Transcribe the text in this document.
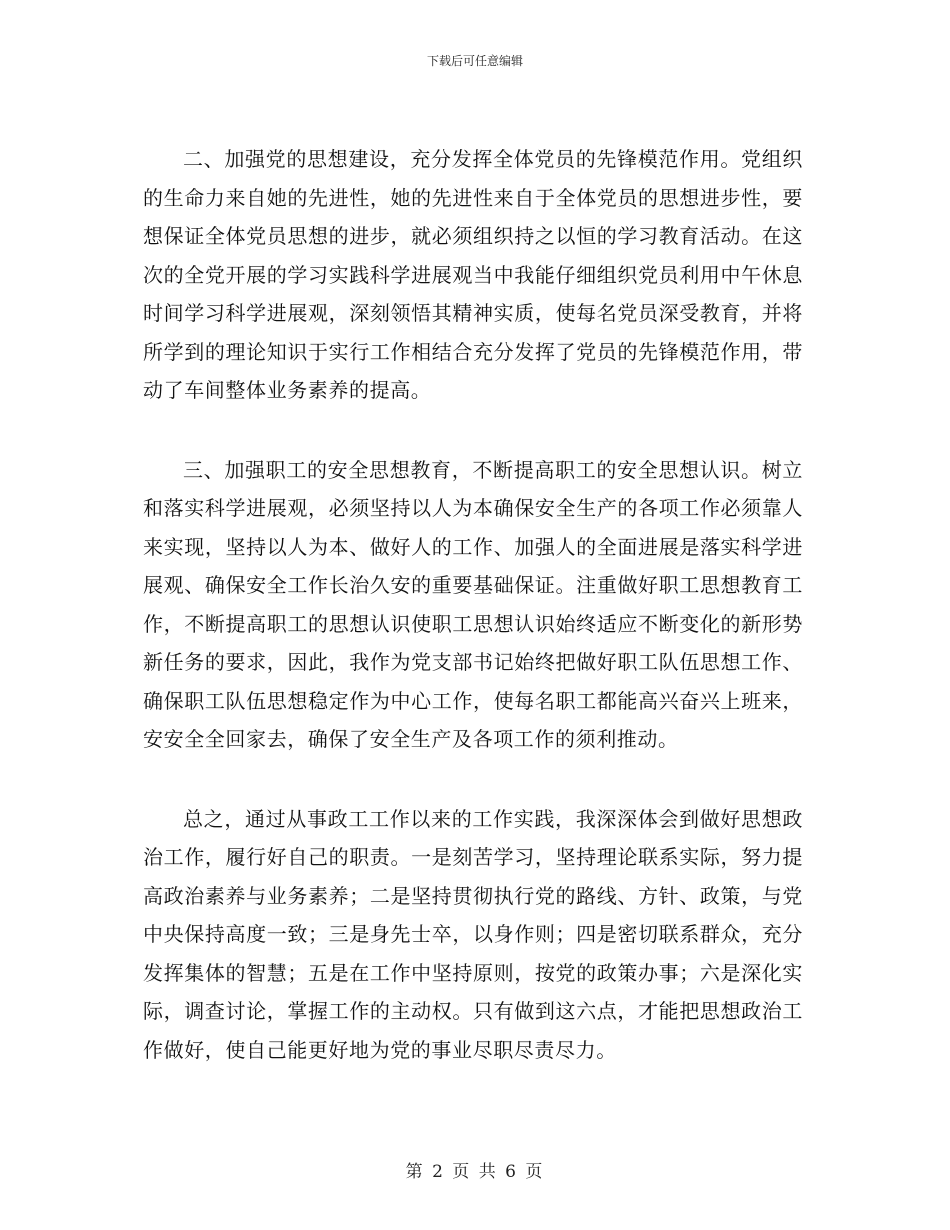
下载后可任意编辑

二、加强党的思想建设，充分发挥全体党员的先锋模范作用。党组织的生命力来自她的先进性，她的先进性来自于全体党员的思想进步性，要想保证全体党员思想的进步，就必须组织持之以恒的学习教育活动。在这次的全党开展的学习实践科学进展观当中我能仔细组织党员利用中午休息时间学习科学进展观，深刻领悟其精神实质，使每名党员深受教育，并将所学到的理论知识于实行工作相结合充分发挥了党员的先锋模范作用，带动了车间整体业务素养的提高。

三、加强职工的安全思想教育，不断提高职工的安全思想认识。树立和落实科学进展观，必须坚持以人为本确保安全生产的各项工作必须靠人来实现，坚持以人为本、做好人的工作、加强人的全面进展是落实科学进展观、确保安全工作长治久安的重要基础保证。注重做好职工思想教育工作，不断提高职工的思想认识使职工思想认识始终适应不断变化的新形势新任务的要求，因此，我作为党支部书记始终把做好职工队伍思想工作、确保职工队伍思想稳定作为中心工作，使每名职工都能高兴奋兴上班来，安安全全回家去，确保了安全生产及各项工作的须利推动。

总之，通过从事政工工作以来的工作实践，我深深体会到做好思想政治工作，履行好自己的职责。一是刻苦学习，坚持理论联系实际，努力提高政治素养与业务素养；二是坚持贯彻执行党的路线、方针、政策，与党中央保持高度一致；三是身先士卒，以身作则；四是密切联系群众，充分发挥集体的智慧；五是在工作中坚持原则，按党的政策办事；六是深化实际，调查讨论，掌握工作的主动权。只有做到这六点，才能把思想政治工作做好，使自己能更好地为党的事业尽职尽责尽力。

第 2 页 共 6 页
